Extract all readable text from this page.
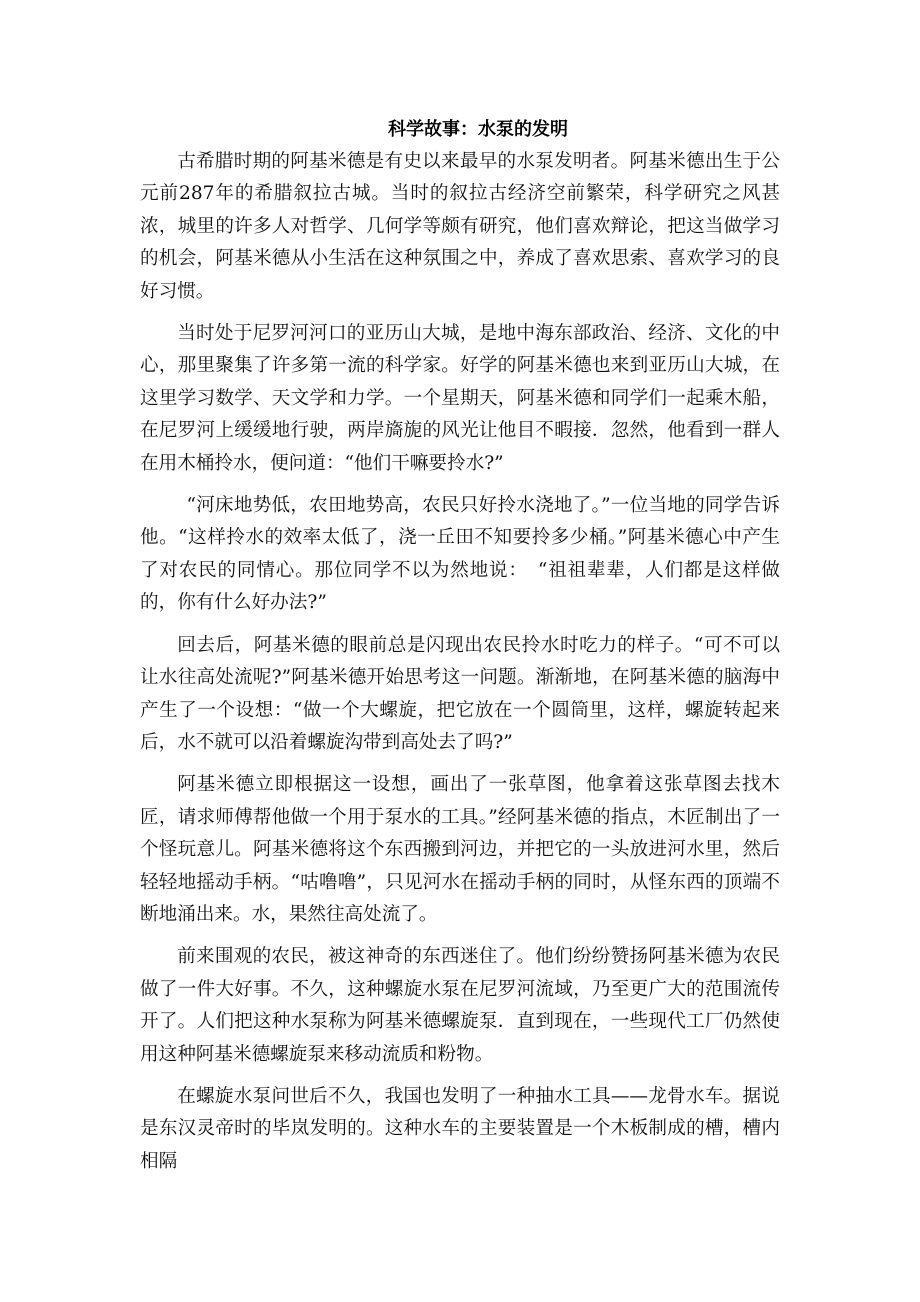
科学故事：水泵的发明

古希腊时期的阿基米德是有史以来最早的水泵发明者。阿基米德出生于公元前287年的希腊叙拉古城。当时的叙拉古经济空前繁荣，科学研究之风甚浓，城里的许多人对哲学、几何学等颇有研究，他们喜欢辩论，把这当做学习的机会，阿基米德从小生活在这种氛围之中，养成了喜欢思索、喜欢学习的良好习惯。

当时处于尼罗河河口的亚历山大城，是地中海东部政治、经济、文化的中心，那里聚集了许多第一流的科学家。好学的阿基米德也来到亚历山大城，在这里学习数学、天文学和力学。一个星期天，阿基米德和同学们一起乘木船，在尼罗河上缓缓地行驶，两岸旖旎的风光让他目不暇接．忽然，他看到一群人在用木桶拎水，便问道：“他们干嘛要拎水?”

“河床地势低，农田地势高，农民只好拎水浇地了。”一位当地的同学告诉他。“这样拎水的效率太低了，浇一丘田不知要拎多少桶。”阿基米德心中产生了对农民的同情心。那位同学不以为然地说：　“祖祖辈辈，人们都是这样做的，你有什么好办法?”

回去后，阿基米德的眼前总是闪现出农民拎水时吃力的样子。“可不可以让水往高处流呢?”阿基米德开始思考这一问题。渐渐地，在阿基米德的脑海中产生了一个设想：“做一个大螺旋，把它放在一个圆筒里，这样，螺旋转起来后，水不就可以沿着螺旋沟带到高处去了吗?”

阿基米德立即根据这一设想，画出了一张草图，他拿着这张草图去找木匠，请求师傅帮他做一个用于泵水的工具。”经阿基米德的指点，木匠制出了一个怪玩意儿。阿基米德将这个东西搬到河边，并把它的一头放进河水里，然后轻轻地摇动手柄。“咕噜噜”，只见河水在摇动手柄的同时，从怪东西的顶端不断地涌出来。水，果然往高处流了。

前来围观的农民，被这神奇的东西迷住了。他们纷纷赞扬阿基米德为农民做了一件大好事。不久，这种螺旋水泵在尼罗河流域，乃至更广大的范围流传开了。人们把这种水泵称为阿基米德螺旋泵．直到现在，一些现代工厂仍然使用这种阿基米德螺旋泵来移动流质和粉物。

在螺旋水泵问世后不久，我国也发明了一种抽水工具——龙骨水车。据说是东汉灵帝时的毕岚发明的。这种水车的主要装置是一个木板制成的槽，槽内相隔
